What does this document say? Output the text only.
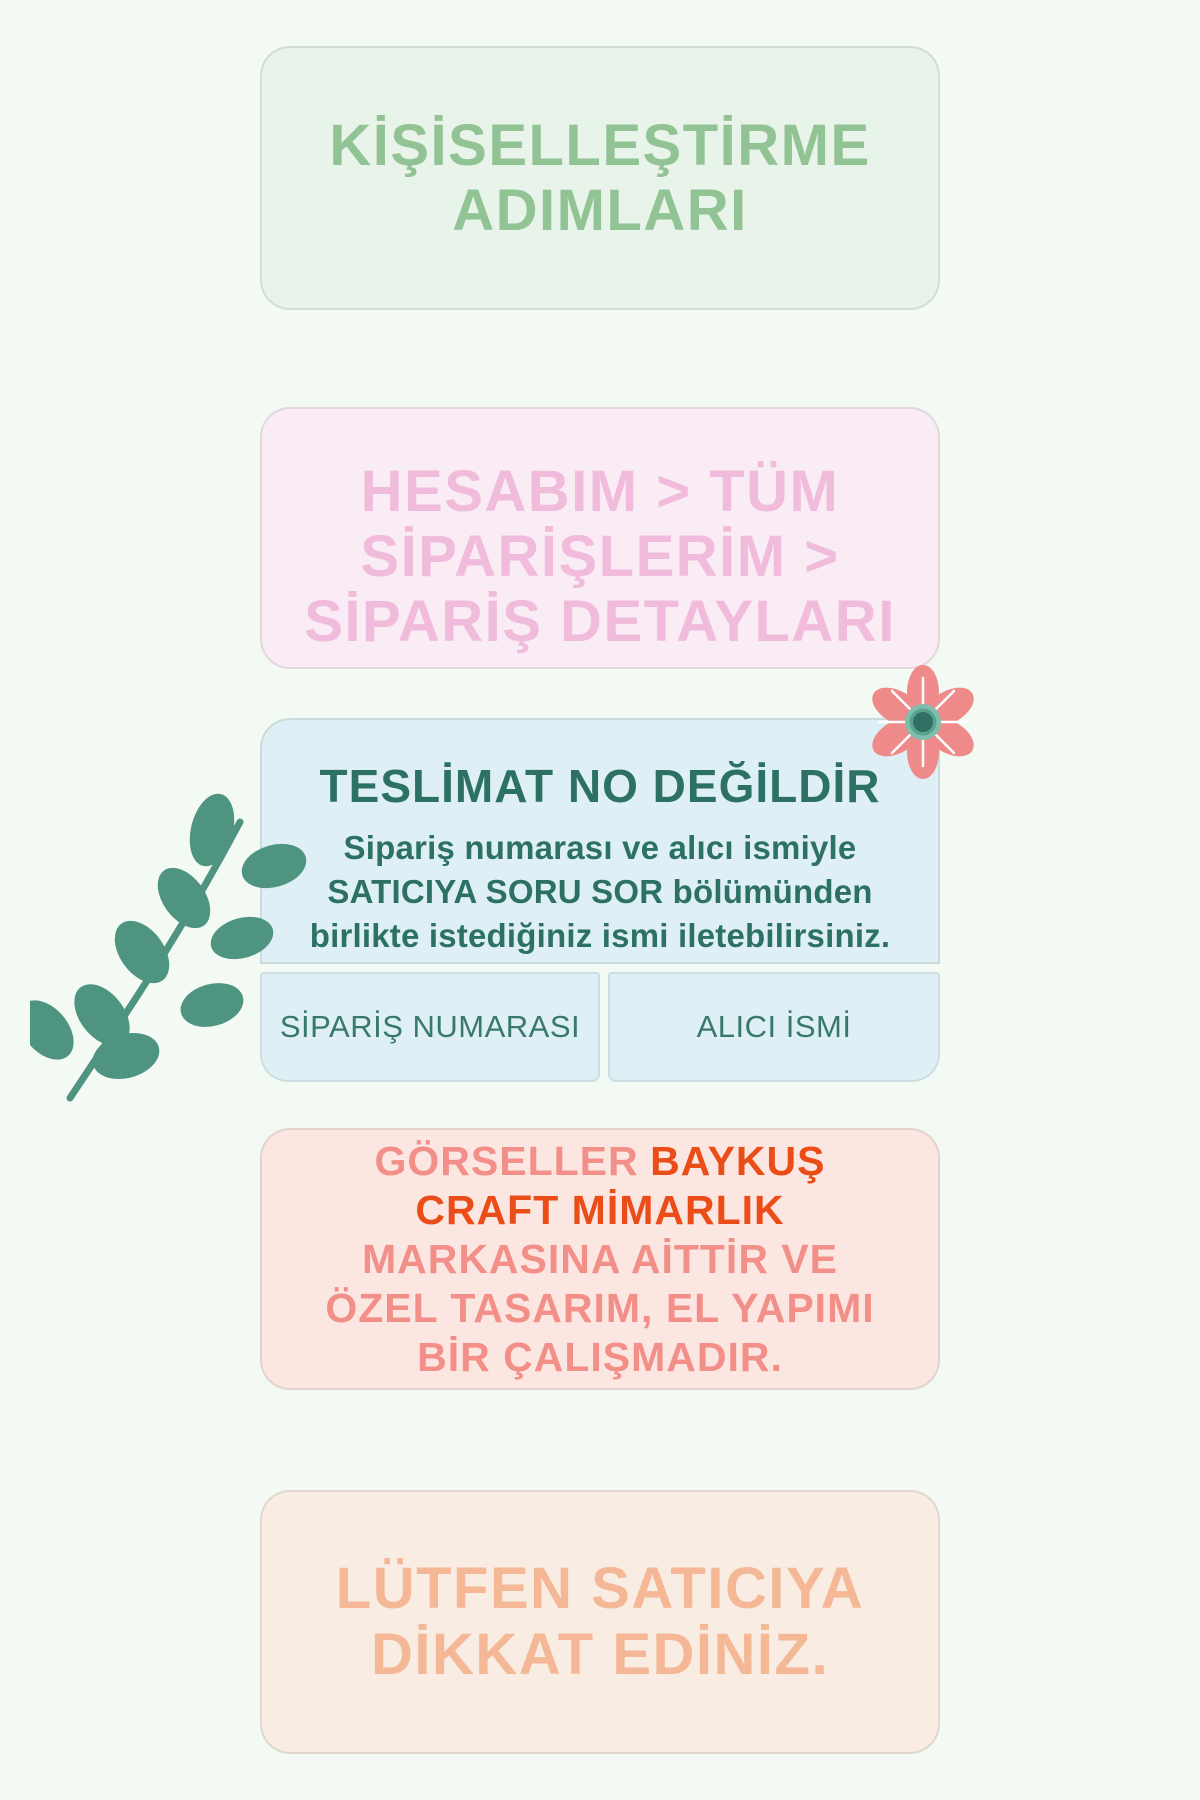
KİŞİSELLEŞTİRME
ADIMLARI
HESABIM > TÜM
SİPARİŞLERİM >
SİPARİŞ DETAYLARI
TESLİMAT NO DEĞİLDİR
Sipariş numarası ve alıcı ismiyle
SATICIYA SORU SOR bölümünden
birlikte istediğiniz ismi iletebilirsiniz.
SİPARİŞ NUMARASI	ALICI İSMİ
GÖRSELLER BAYKUŞ
CRAFT MİMARLIK
MARKASINA AİTTİR VE
ÖZEL TASARIM, EL YAPIMI
BİR ÇALIŞMADIR.
LÜTFEN SATICIYA
DİKKAT EDİNİZ.
